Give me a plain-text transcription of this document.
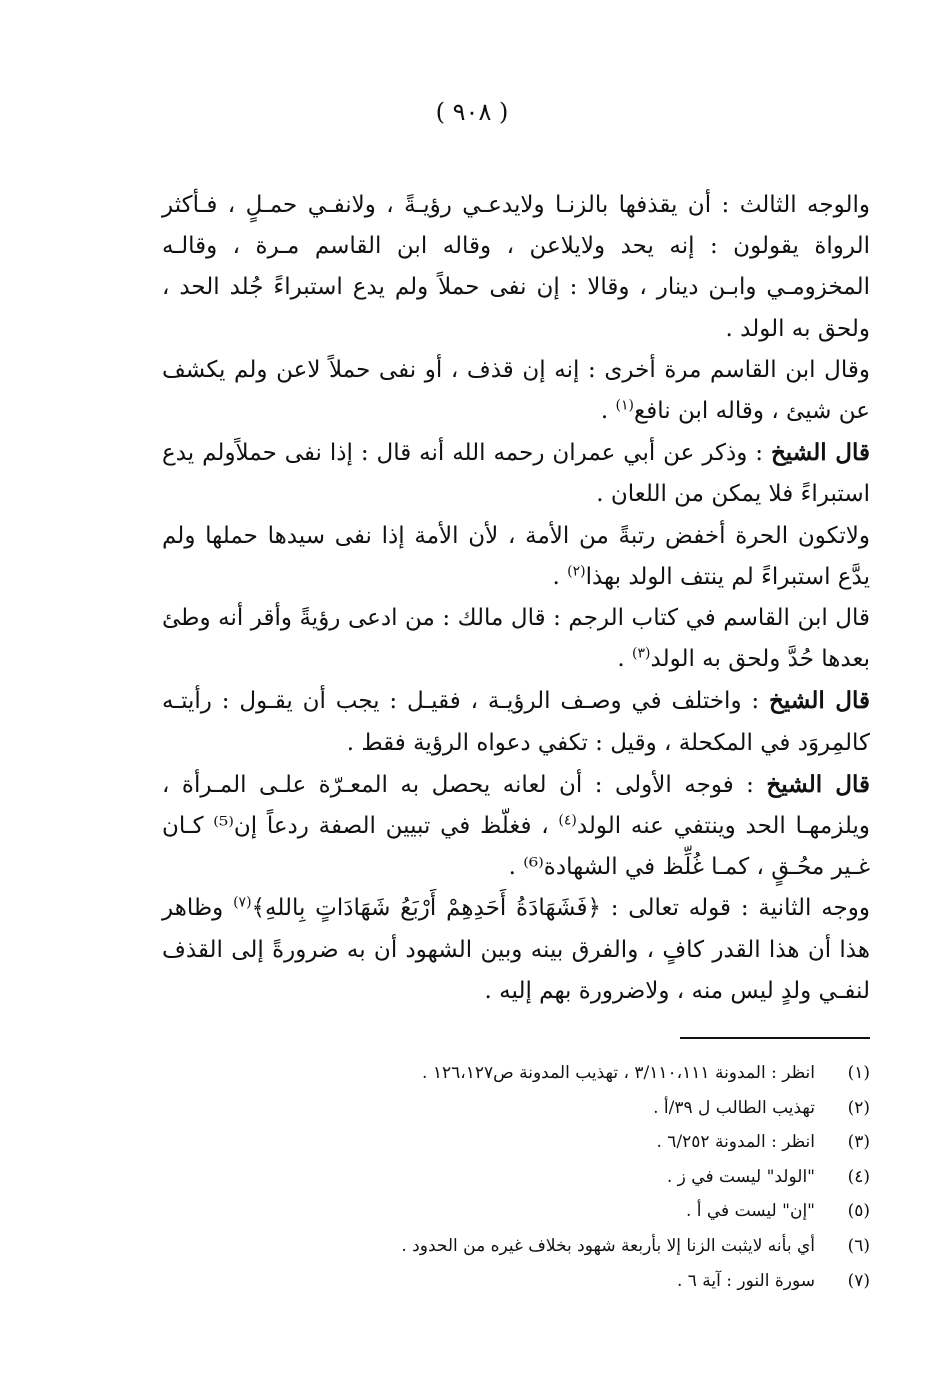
( ٩٠٨ )

والوجه الثالث : أن يقذفها بالزنـا ولايدعـي رؤيـةً ، ولانفـي حمـلٍ ، فـأكثر الرواة يقولون : إنه يحد ولايلاعن ، وقاله ابن القاسم مـرة ، وقالـه المخزومـي وابـن دينار ، وقالا : إن نفى حملاً ولم يدع استبراءً جُلد الحد ، ولحق به الولد .

وقال ابن القاسم مرة أخرى : إنه إن قذف ، أو نفى حملاً لاعن ولم يكشف عن شيئ ، وقاله ابن نافع$^{(١)}$ .

قال الشيخ : وذكر عن أبي عمران رحمه الله أنه قال : إذا نفى حملاًولم يدع استبراءً فلا يمكن من اللعان .

ولاتكون الحرة أخفض رتبةً من الأمة ، لأن الأمة إذا نفى سيدها حملها ولم يدَّع استبراءً لم ينتف الولد بهذا$^{(٢)}$ .

قال ابن القاسم في كتاب الرجم : قال مالك : من ادعى رؤيةً وأقر أنه وطئ بعدها حُدَّ ولحق به الولد$^{(٣)}$ .

قال الشيخ : واختلف في وصـف الرؤيـة ، فقيـل : يجب أن يقـول : رأيتـه كالمِروَد في المكحلة ، وقيل : تكفي دعواه الرؤية فقط .

قال الشيخ : فوجه الأولى : أن لعانه يحصل به المعـرّة علـى المـرأة ، ويلزمهـا الحد وينتفي عنه الولد$^{(٤)}$ ، فغلّظ في تبيين الصفة ردعاً إن⁽⁵⁾ كـان غـير محُـقٍ ، كمـا غُلِّظ في الشهادة⁽⁶⁾ .

ووجه الثانية : قوله تعالى : ﴿فَشَهَادَةُ أَحَدِهِمْ أَرْبَعُ شَهَادَاتٍ بِاللهِ﴾$^{(٧)}$ وظاهر هذا أن هذا القدر كافٍ ، والفرق بينه وبين الشهود أن به ضرورةً إلى القذف لنفـي ولدٍ ليس منه ، ولاضرورة بهم إليه .

(١)
انظر : المدونة ٣/١١٠،١١١ ، تهذيب المدونة ص١٢٦،١٢٧ .
(٢)
تهذيب الطالب ل ٣٩/أ .
(٣)
انظر : المدونة ٦/٢٥٢ .
(٤)
"الولد" ليست في ز .
(٥)
"إن" ليست في أ .
(٦)
أي بأنه لايثبت الزنا إلا بأربعة شهود بخلاف غيره من الحدود .
(٧)
سورة النور : آية ٦ .
